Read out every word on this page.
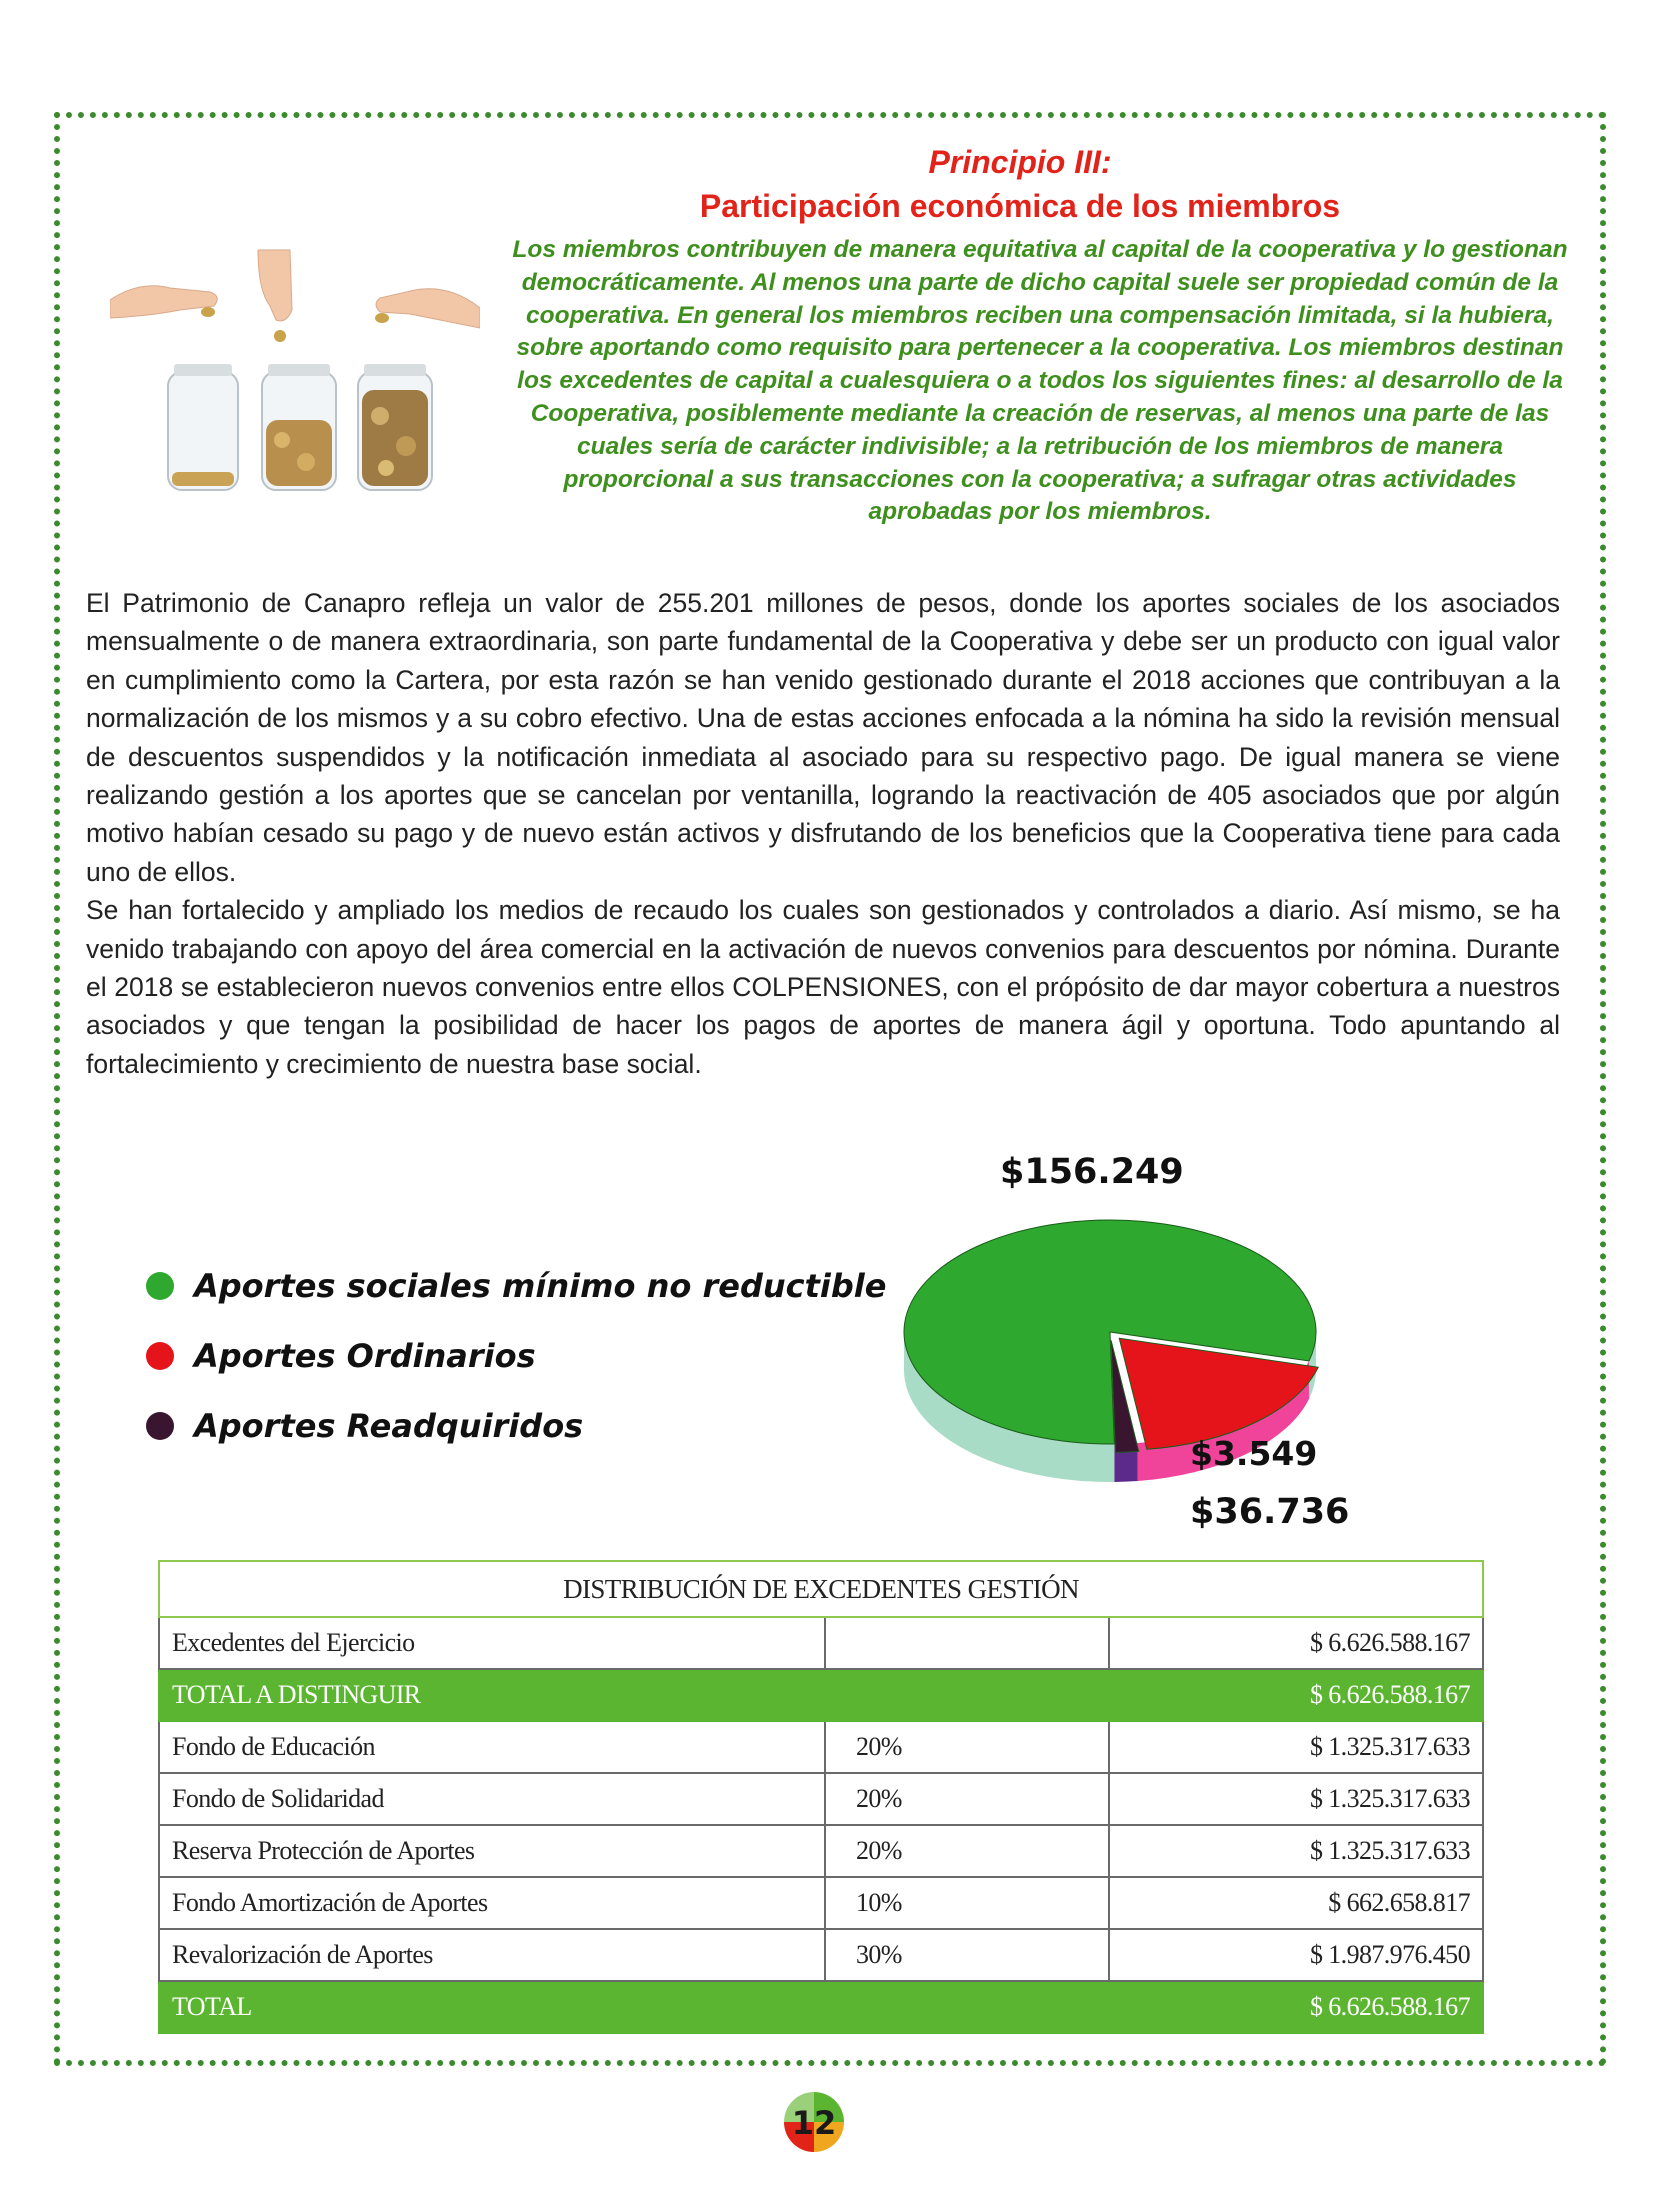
Principio III:

Participación económica de los miembros

Los miembros contribuyen de manera equitativa al capital de la cooperativa y lo gestionan democráticamente. Al menos una parte de dicho capital suele ser propiedad común de la cooperativa. En general los miembros reciben una compensación limitada, si la hubiera, sobre aportando como requisito para pertenecer a la cooperativa. Los miembros destinan los excedentes de capital a cualesquiera o a todos los siguientes fines: al desarrollo de la Cooperativa, posiblemente mediante la creación de reservas, al menos una parte de las cuales sería de carácter indivisible; a la retribución de los miembros de manera proporcional a sus transacciones con la cooperativa; a sufragar otras actividades aprobadas por los miembros.

El Patrimonio de Canapro refleja un valor de 255.201 millones de pesos, donde los aportes sociales de los asociados mensualmente o de manera extraordinaria, son parte fundamental de la Cooperativa y debe ser un producto con igual valor en cumplimiento como la Cartera, por esta razón se han venido gestionado durante el 2018 acciones que contribuyan a la normalización de los mismos y a su cobro efectivo. Una de estas acciones enfocada a la nómina ha sido la revisión mensual de descuentos suspendidos y la notificación inmediata al asociado para su respectivo pago. De igual manera se viene realizando gestión a los aportes que se cancelan por ventanilla, logrando la reactivación de 405 asociados que por algún motivo habían cesado su pago y de nuevo están activos y disfrutando de los beneficios que la Cooperativa tiene para cada uno de ellos.

Se han fortalecido y ampliado los medios de recaudo los cuales son gestionados y controlados a diario. Así mismo, se ha venido trabajando con apoyo del área comercial en la activación de nuevos convenios para descuentos por nómina. Durante el 2018 se establecieron nuevos convenios entre ellos COLPENSIONES, con el própósito de dar mayor cobertura a nuestros asociados y que tengan la posibilidad de hacer los pagos de aportes de manera ágil y oportuna. Todo apuntando al fortalecimiento y crecimiento de nuestra base social.

Aportes sociales mínimo no reductible
Aportes Ordinarios
Aportes Readquiridos
$156.249
$3.549
$36.736
DISTRIBUCIÓN DE EXCEDENTES GESTIÓN		
Excedentes del Ejercicio		$ 6.626.588.167
TOTAL A DISTINGUIR		$ 6.626.588.167
Fondo de Educación	20%	$ 1.325.317.633
Fondo de Solidaridad	20%	$ 1.325.317.633
Reserva Protección de Aportes	20%	$ 1.325.317.633
Fondo Amortización de Aportes	10%	$ 662.658.817
Revalorización de Aportes	30%	$ 1.987.976.450
TOTAL		$ 6.626.588.167
12
